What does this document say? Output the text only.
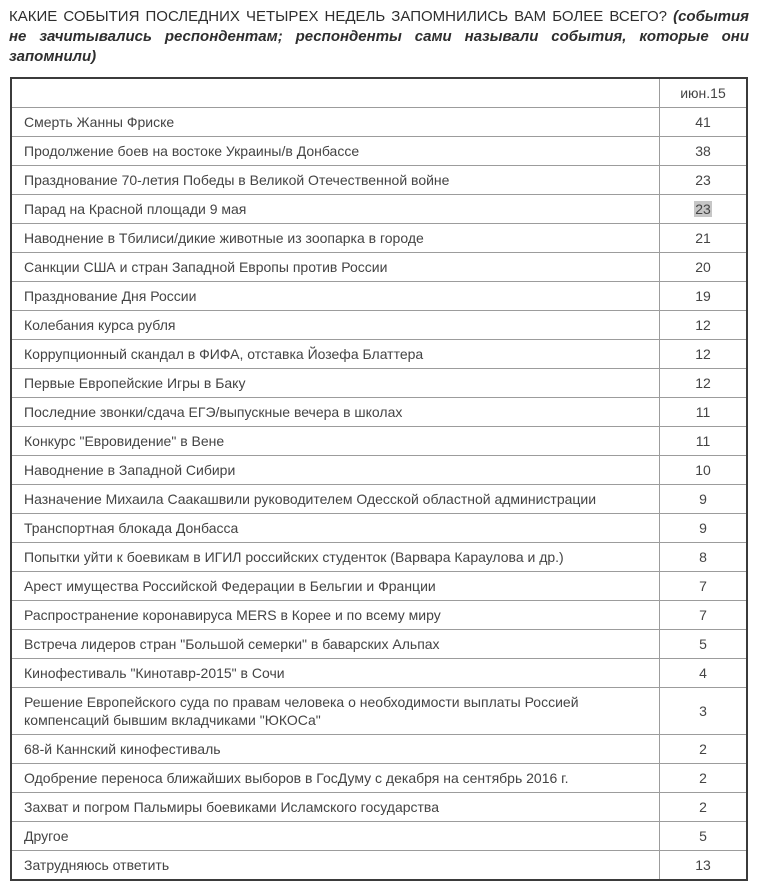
КАКИЕ СОБЫТИЯ ПОСЛЕДНИХ ЧЕТЫРЕХ НЕДЕЛЬ ЗАПОМНИЛИСЬ ВАМ БОЛЕЕ ВСЕГО? (события не зачитывались респондентам; респонденты сами называли события, которые они запомнили)

	июн.15
Смерть Жанны Фриске	41
Продолжение боев на востоке Украины/в Донбассе	38
Празднование 70-летия Победы в Великой Отечественной войне	23
Парад на Красной площади 9 мая	23
Наводнение в Тбилиси/дикие животные из зоопарка в городе	21
Санкции США и стран Западной Европы против России	20
Празднование Дня России	19
Колебания курса рубля	12
Коррупционный скандал в ФИФА, отставка Йозефа Блаттера	12
Первые Европейские Игры в Баку	12
Последние звонки/сдача ЕГЭ/выпускные вечера в школах	11
Конкурс "Евровидение" в Вене	11
Наводнение в Западной Сибири	10
Назначение Михаила Саакашвили руководителем Одесской областной администрации	9
Транспортная блокада Донбасса	9
Попытки уйти к боевикам в ИГИЛ российских студенток (Варвара Караулова и др.)	8
Арест имущества Российской Федерации в Бельгии и Франции	7
Распространение коронавируса MERS в Корее и по всему миру	7
Встреча лидеров стран "Большой семерки" в баварских Альпах	5
Кинофестиваль "Кинотавр-2015" в Сочи	4
Решение Европейского суда по правам человека о необходимости выплаты Россией компенсаций бывшим вкладчиками "ЮКОСа"	3
68-й Каннский кинофестиваль	2
Одобрение переноса ближайших выборов в ГосДуму с декабря на сентябрь 2016 г.	2
Захват и погром Пальмиры боевиками Исламского государства	2
Другое	5
Затрудняюсь ответить	13
